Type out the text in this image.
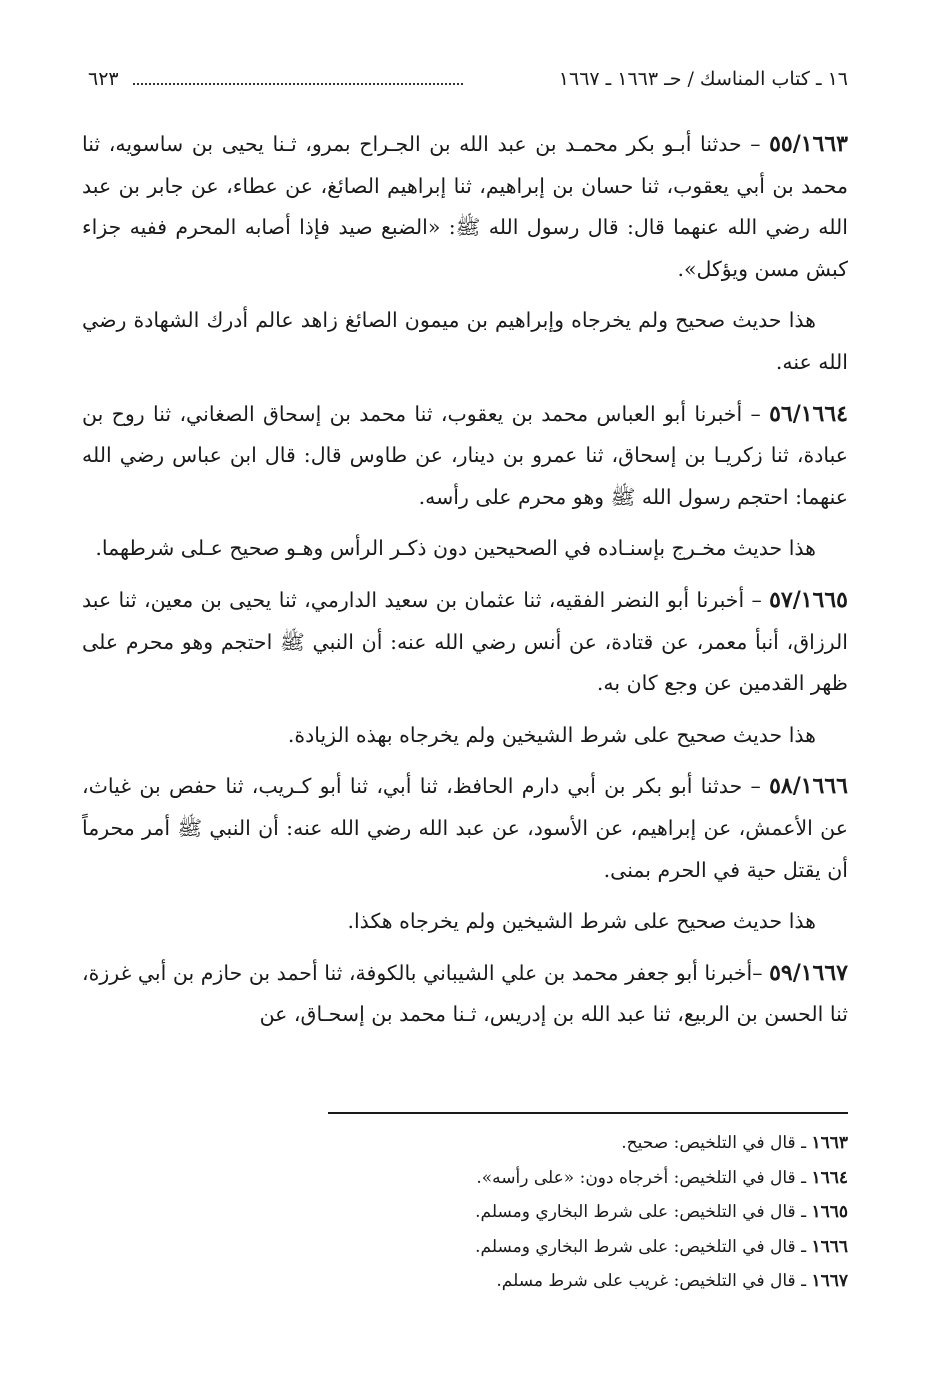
١٦ ـ كتاب المناسك / حـ ١٦٦٣ ـ ١٦٦٧
٦٢٣

٥٥/١٦٦٣ – حدثنا أبـو بكر محمـد بن عبد الله بن الجـراح بمرو، ثـنا يحيى بن ساسويه، ثنا محمد بن أبي يعقوب، ثنا حسان بن إبراهيم، ثنا إبراهيم الصائغ، عن عطاء، عن جابر بن عبد الله رضي الله عنهما قال: قال رسول الله ﷺ: «الضبع صيد فإذا أصابه المحرم ففيه جزاء كبش مسن ويؤكل».

هذا حديث صحيح ولم يخرجاه وإبراهيم بن ميمون الصائغ زاهد عالم أدرك الشهادة رضي الله عنه.

٥٦/١٦٦٤ – أخبرنا أبو العباس محمد بن يعقوب، ثنا محمد بن إسحاق الصغاني، ثنا روح بن عبادة، ثنا زكريـا بن إسحاق، ثنا عمرو بن دينار، عن طاوس قال: قال ابن عباس رضي الله عنهما: احتجم رسول الله ﷺ وهو محرم على رأسه.

هذا حديث مخـرج بإسنـاده في الصحيحين دون ذكـر الرأس وهـو صحيح عـلى شرطهما.

٥٧/١٦٦٥ – أخبرنا أبو النضر الفقيه، ثنا عثمان بن سعيد الدارمي، ثنا يحيى بن معين، ثنا عبد الرزاق، أنبأ معمر، عن قتادة، عن أنس رضي الله عنه: أن النبي ﷺ احتجم وهو محرم على ظهر القدمين عن وجع كان به.

هذا حديث صحيح على شرط الشيخين ولم يخرجاه بهذه الزيادة.

٥٨/١٦٦٦ – حدثنا أبو بكر بن أبي دارم الحافظ، ثنا أبي، ثنا أبو كـريب، ثنا حفص بن غياث، عن الأعمش، عن إبراهيم، عن الأسود، عن عبد الله رضي الله عنه: أن النبي ﷺ أمر محرماً أن يقتل حية في الحرم بمنى.

هذا حديث صحيح على شرط الشيخين ولم يخرجاه هكذا.

٥٩/١٦٦٧ –أخبرنا أبو جعفر محمد بن علي الشيباني بالكوفة، ثنا أحمد بن حازم بن أبي غرزة، ثنا الحسن بن الربيع، ثنا عبد الله بن إدريس، ثـنا محمد بن إسحـاق، عن

١٦٦٣ ـ قال في التلخيص: صحيح.
١٦٦٤ ـ قال في التلخيص: أخرجاه دون: «على رأسه».
١٦٦٥ ـ قال في التلخيص: على شرط البخاري ومسلم.
١٦٦٦ ـ قال في التلخيص: على شرط البخاري ومسلم.
١٦٦٧ ـ قال في التلخيص: غريب على شرط مسلم.
